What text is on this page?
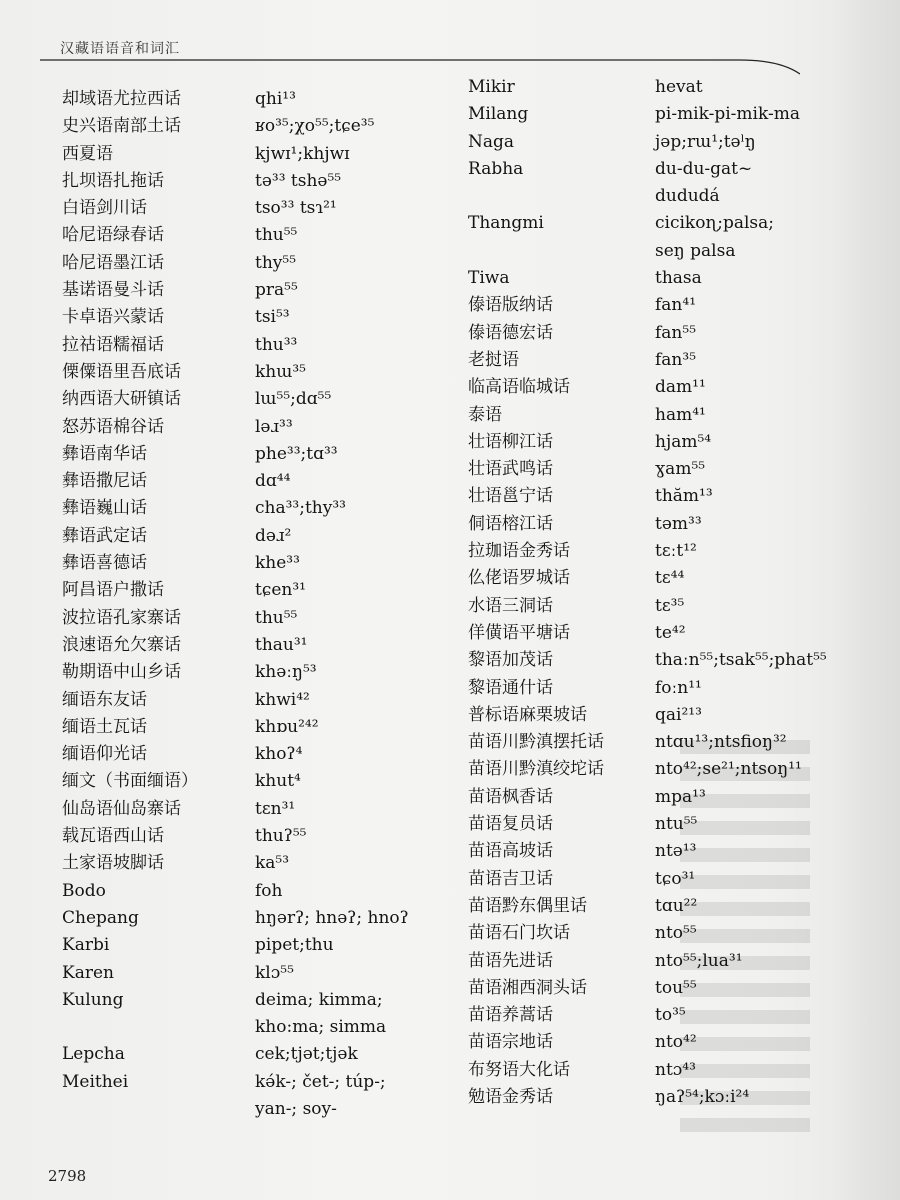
汉藏语语音和词汇
却域语尤拉西话
史兴语南部土话
西夏语
扎坝语扎拖话
白语剑川话
哈尼语绿春话
哈尼语墨江话
基诺语曼斗话
卡卓语兴蒙话
拉祜语糯福话
傈僳语里吾底话
纳西语大研镇话
怒苏语棉谷话
彝语南华话
彝语撒尼话
彝语巍山话
彝语武定话
彝语喜德话
阿昌语户撒话
波拉语孔家寨话
浪速语允欠寨话
勒期语中山乡话
缅语东友话
缅语土瓦话
缅语仰光话
缅文（书面缅语）
仙岛语仙岛寨话
载瓦语西山话
土家语坡脚话
Bodo
Chepang
Karbi
Karen
Kulung
Lepcha
Meithei
qhi¹³
ʁo³⁵;χo⁵⁵;tɕe³⁵
kjwɪ¹;khjwɪ
tə³³ tshə⁵⁵
tso³³ tsɿ²¹
thu⁵⁵
thy⁵⁵
pra⁵⁵
tsi⁵³
thu³³
khɯ³⁵
lɯ⁵⁵;dɑ⁵⁵
ləɹ³³
phe³³;tɑ³³
dɑ⁴⁴
cha³³;thy³³
dəɹ²
khe³³
tɕen³¹
thu⁵⁵
thau³¹
khəːŋ⁵³
khwi⁴²
khɒu²⁴²
khoʔ⁴
khut⁴
tɛn³¹
thuʔ⁵⁵
ka⁵³
foh
hŋərʔ; hnəʔ; hnoʔ
pipet;thu
klɔ⁵⁵
deima; kimma;
kho:ma; simma
cek;tjət;tjək
kə́k-; čet-; túp-;
yan-; soy-
Mikir
Milang
Naga
Rabha
Thangmi
Tiwa
傣语版纳话
傣语德宏话
老挝语
临高语临城话
泰语
壮语柳江话
壮语武鸣话
壮语邕宁话
侗语榕江话
拉珈语金秀话
仫佬语罗城话
水语三洞话
佯僙语平塘话
黎语加茂话
黎语通什话
普标语麻栗坡话
苗语川黔滇摆托话
苗语川黔滇绞坨话
苗语枫香话
苗语复员话
苗语高坡话
苗语吉卫话
苗语黔东偶里话
苗语石门坎话
苗语先进话
苗语湘西洞头话
苗语养蒿话
苗语宗地话
布努语大化话
勉语金秀话
hevat
pi-mik-pi-mik-ma
jəp;rɯ¹;təˡŋ
du-du-gat~
dududá
cicikoɳ;palsa;
seŋ palsa
thasa
fan⁴¹
fan⁵⁵
fan³⁵
dam¹¹
ham⁴¹
hjam⁵⁴
ɣam⁵⁵
thăm¹³
təm³³
tɛːt¹²
tɛ⁴⁴
tɛ³⁵
te⁴²
thaːn⁵⁵;tsak⁵⁵;phat⁵⁵
foːn¹¹
qai²¹³
ntɑu¹³;ntsfioŋ³²
nto⁴²;se²¹;ntsoŋ¹¹
mpa¹³
ntu⁵⁵
ntə¹³
tɕo³¹
tɑu²²
nto⁵⁵
nto⁵⁵;lua³¹
tou⁵⁵
to³⁵
nto⁴²
ntɔ⁴³
ŋaʔ⁵⁴;kɔːi²⁴
2798
